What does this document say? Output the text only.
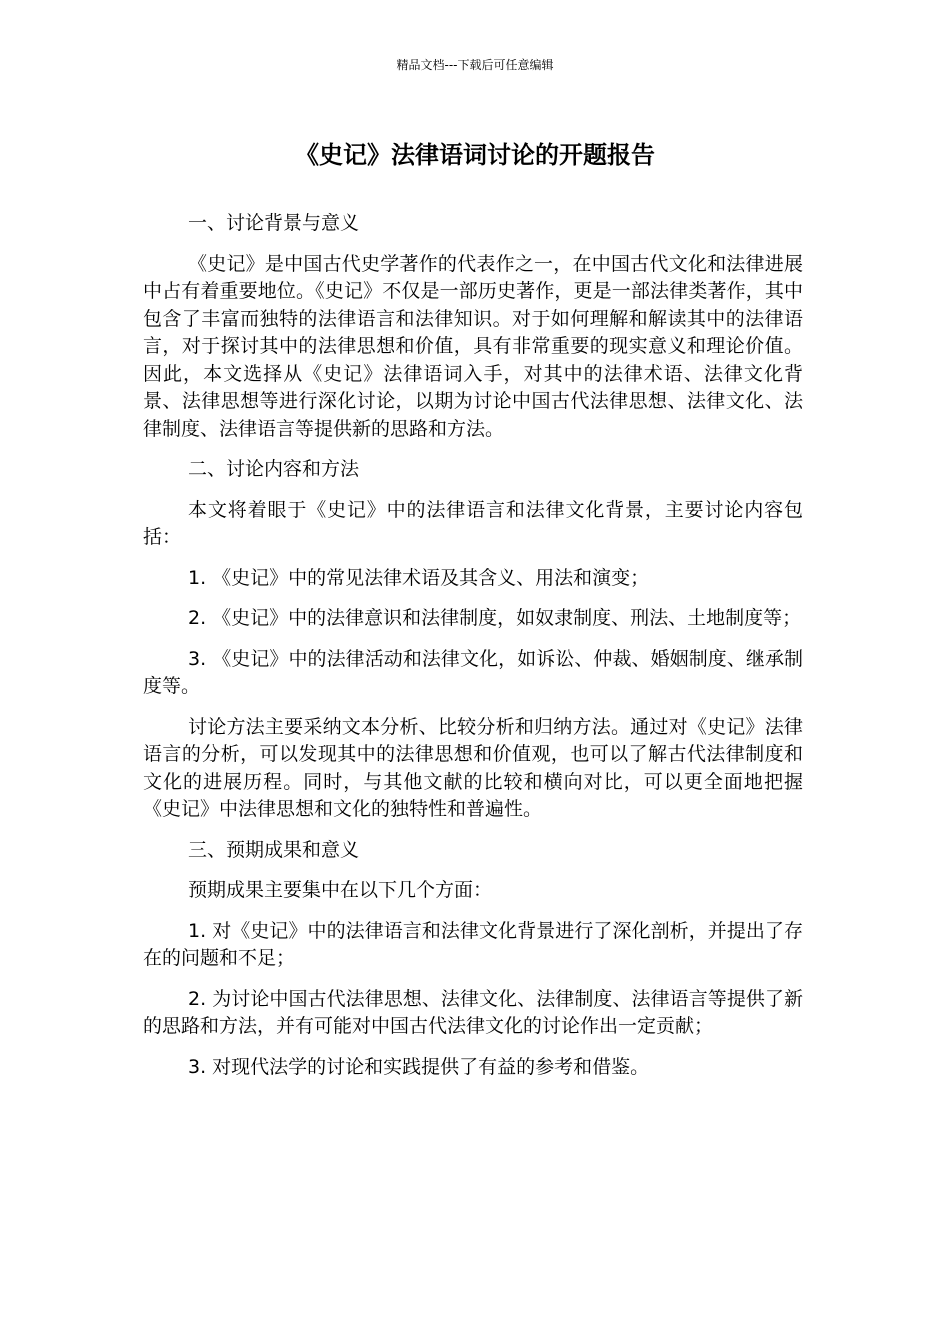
精品文档---下载后可任意编辑
《史记》法律语词讨论的开题报告

一、讨论背景与意义

《史记》是中国古代史学著作的代表作之一，在中国古代文化和法律进展中占有着重要地位。《史记》不仅是一部历史著作，更是一部法律类著作，其中包含了丰富而独特的法律语言和法律知识。对于如何理解和解读其中的法律语言，对于探讨其中的法律思想和价值，具有非常重要的现实意义和理论价值。因此，本文选择从《史记》法律语词入手，对其中的法律术语、法律文化背景、法律思想等进行深化讨论，以期为讨论中国古代法律思想、法律文化、法律制度、法律语言等提供新的思路和方法。

二、讨论内容和方法

本文将着眼于《史记》中的法律语言和法律文化背景，主要讨论内容包括：

1. 《史记》中的常见法律术语及其含义、用法和演变；

2. 《史记》中的法律意识和法律制度，如奴隶制度、刑法、土地制度等；

3. 《史记》中的法律活动和法律文化，如诉讼、仲裁、婚姻制度、继承制度等。

讨论方法主要采纳文本分析、比较分析和归纳方法。通过对《史记》法律语言的分析，可以发现其中的法律思想和价值观，也可以了解古代法律制度和文化的进展历程。同时，与其他文献的比较和横向对比，可以更全面地把握《史记》中法律思想和文化的独特性和普遍性。

三、预期成果和意义

预期成果主要集中在以下几个方面：

1. 对《史记》中的法律语言和法律文化背景进行了深化剖析，并提出了存在的问题和不足；

2. 为讨论中国古代法律思想、法律文化、法律制度、法律语言等提供了新的思路和方法，并有可能对中国古代法律文化的讨论作出一定贡献；

3. 对现代法学的讨论和实践提供了有益的参考和借鉴。
